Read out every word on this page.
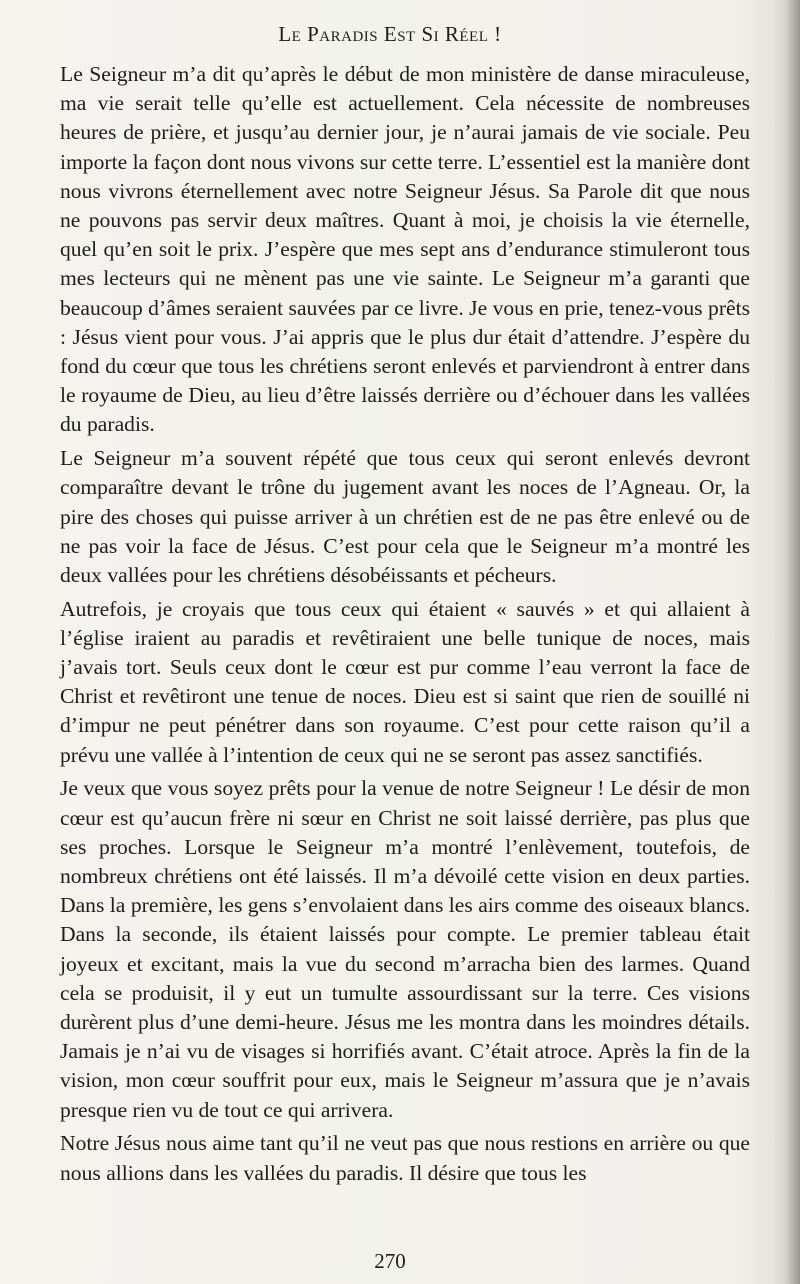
Le Paradis Est Si Réel !

Le Seigneur m’a dit qu’après le début de mon ministère de danse miraculeuse, ma vie serait telle qu’elle est actuellement. Cela nécessite de nombreuses heures de prière, et jusqu’au dernier jour, je n’aurai jamais de vie sociale. Peu importe la façon dont nous vivons sur cette terre. L’essentiel est la manière dont nous vivrons éternellement avec notre Seigneur Jésus. Sa Parole dit que nous ne pouvons pas servir deux maîtres. Quant à moi, je choisis la vie éternelle, quel qu’en soit le prix. J’espère que mes sept ans d’endurance stimuleront tous mes lecteurs qui ne mènent pas une vie sainte. Le Seigneur m’a garanti que beaucoup d’âmes seraient sauvées par ce livre. Je vous en prie, tenez-vous prêts : Jésus vient pour vous. J’ai appris que le plus dur était d’attendre. J’espère du fond du cœur que tous les chrétiens seront enlevés et parviendront à entrer dans le royaume de Dieu, au lieu d’être laissés derrière ou d’échouer dans les vallées du paradis.

Le Seigneur m’a souvent répété que tous ceux qui seront enlevés devront comparaître devant le trône du jugement avant les noces de l’Agneau. Or, la pire des choses qui puisse arriver à un chrétien est de ne pas être enlevé ou de ne pas voir la face de Jésus. C’est pour cela que le Seigneur m’a montré les deux vallées pour les chrétiens désobéissants et pécheurs.

Autrefois, je croyais que tous ceux qui étaient « sauvés » et qui allaient à l’église iraient au paradis et revêtiraient une belle tunique de noces, mais j’avais tort. Seuls ceux dont le cœur est pur comme l’eau verront la face de Christ et revêtiront une tenue de noces. Dieu est si saint que rien de souillé ni d’impur ne peut pénétrer dans son royaume. C’est pour cette raison qu’il a prévu une vallée à l’intention de ceux qui ne se seront pas assez sanctifiés.

Je veux que vous soyez prêts pour la venue de notre Seigneur ! Le désir de mon cœur est qu’aucun frère ni sœur en Christ ne soit laissé derrière, pas plus que ses proches. Lorsque le Seigneur m’a montré l’enlèvement, toutefois, de nombreux chrétiens ont été laissés. Il m’a dévoilé cette vision en deux parties. Dans la première, les gens s’envolaient dans les airs comme des oiseaux blancs. Dans la seconde, ils étaient laissés pour compte. Le premier tableau était joyeux et excitant, mais la vue du second m’arracha bien des larmes. Quand cela se produisit, il y eut un tumulte assourdissant sur la terre. Ces visions durèrent plus d’une demi-heure. Jésus me les montra dans les moindres détails. Jamais je n’ai vu de visages si horrifiés avant. C’était atroce. Après la fin de la vision, mon cœur souffrit pour eux, mais le Seigneur m’assura que je n’avais presque rien vu de tout ce qui arrivera.

Notre Jésus nous aime tant qu’il ne veut pas que nous restions en arrière ou que nous allions dans les vallées du paradis. Il désire que tous les

270
